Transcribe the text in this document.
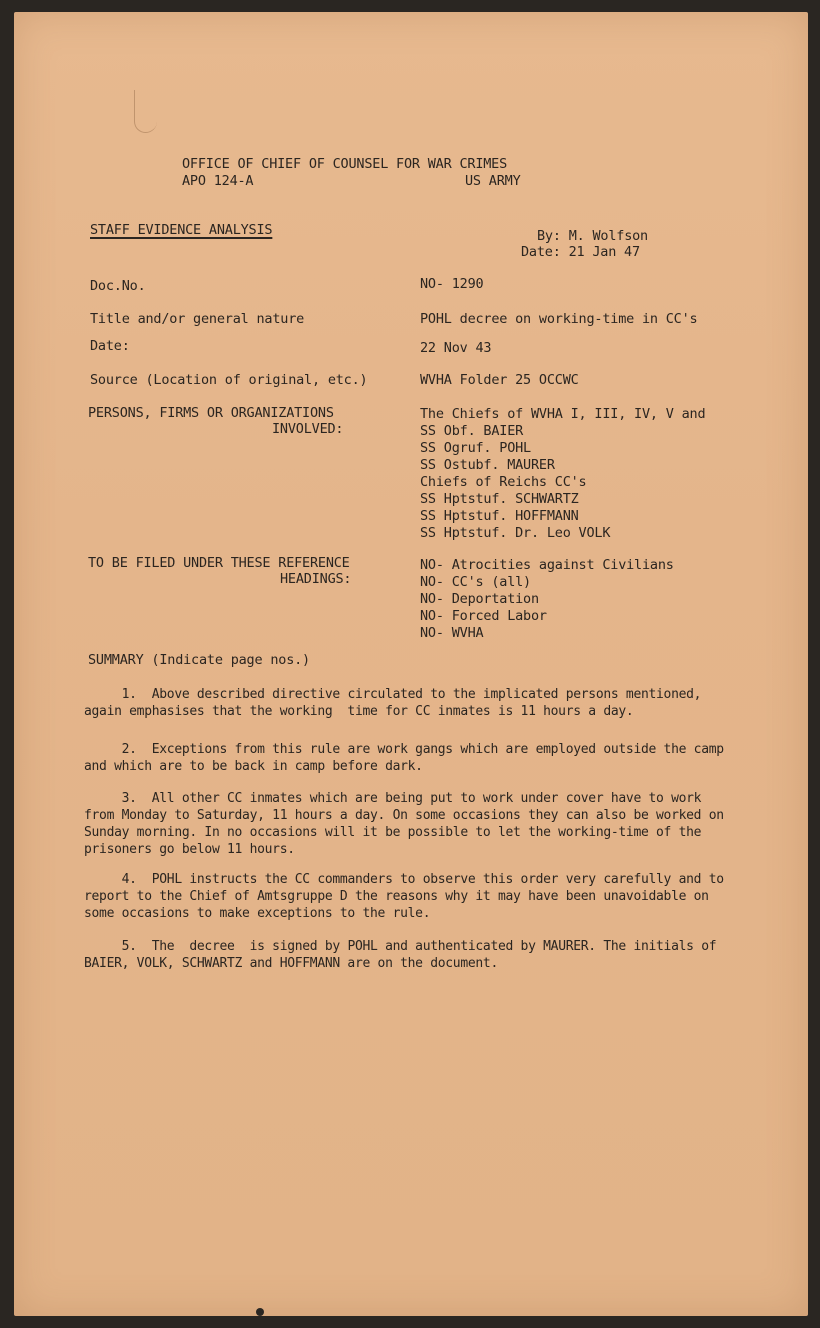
OFFICE OF CHIEF OF COUNSEL FOR WAR CRIMES
APO 124-A	US ARMY
STAFF EVIDENCE ANALYSIS	By: M. Wolfson
Date: 21 Jan 47
Doc.No.	NO- 1290
Title and/or general nature	POHL decree on working-time in CC's
Date:	22 Nov 43
Source (Location of original, etc.)	WVHA Folder 25 OCCWC
PERSONS, FIRMS OR ORGANIZATIONS
INVOLVED:
The Chiefs of WVHA I, III, IV, V and
SS Obf. BAIER
SS Ogruf. POHL
SS Ostubf. MAURER
Chiefs of Reichs CC's
SS Hptstuf. SCHWARTZ
SS Hptstuf. HOFFMANN
SS Hptstuf. Dr. Leo VOLK
TO BE FILED UNDER THESE REFERENCE
HEADINGS:
NO- Atrocities against Civilians
NO- CC's (all)
NO- Deportation
NO- Forced Labor
NO- WVHA
SUMMARY (Indicate page nos.)
1.  Above described directive circulated to the implicated persons mentioned, again emphasises that the working  time for CC inmates is 11 hours a day.
2.  Exceptions from this rule are work gangs which are employed outside the camp and which are to be back in camp before dark.
3.  All other CC inmates which are being put to work under cover have to work from Monday to Saturday, 11 hours a day. On some occasions they can also be worked on Sunday morning. In no occasions will it be possible to let the working-time of the prisoners go below 11 hours.
4.  POHL instructs the CC commanders to observe this order very carefully and to report to the Chief of Amtsgruppe D the reasons why it may have been unavoidable on some occasions to make exceptions to the rule.
5.  The  decree  is signed by POHL and authenticated by MAURER. The initials of BAIER, VOLK, SCHWARTZ and HOFFMANN are on the document.
